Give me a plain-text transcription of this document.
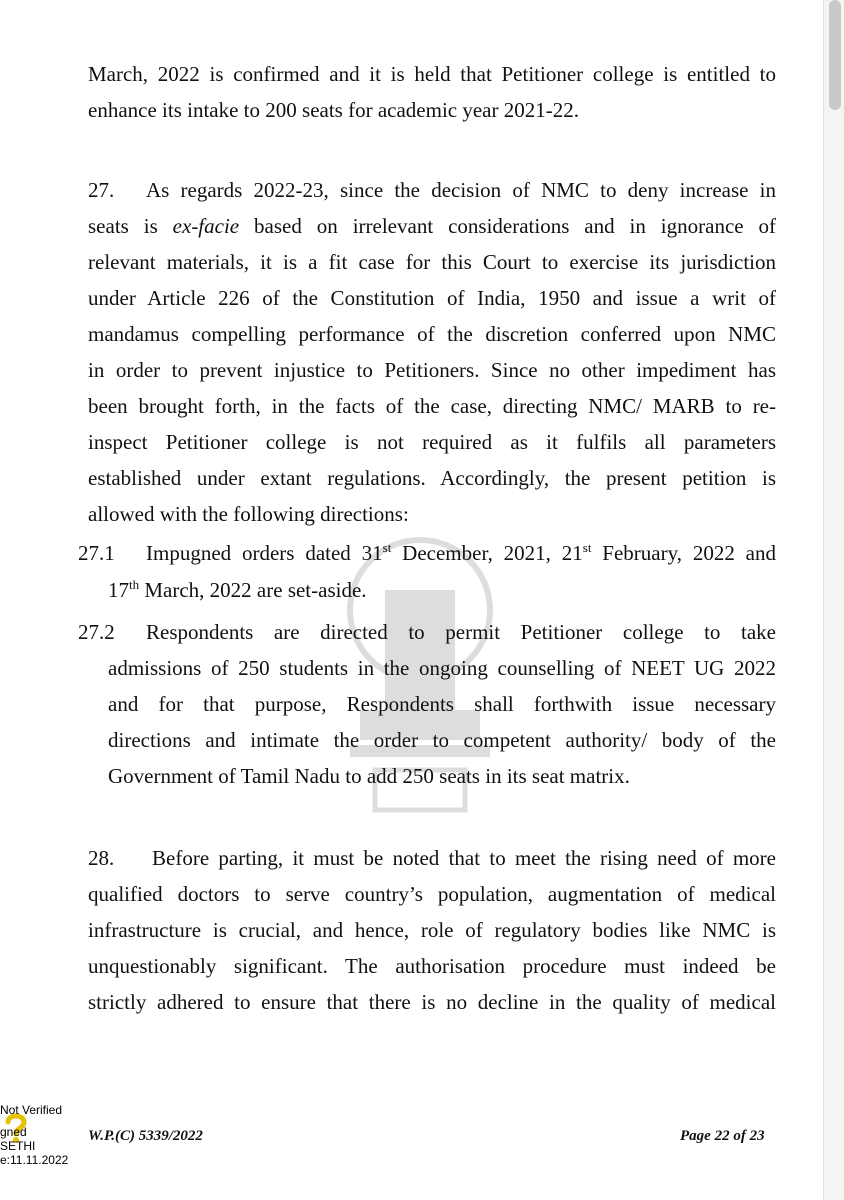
March, 2022 is confirmed and it is held that Petitioner college is entitled to
enhance its intake to 200 seats for academic year 2021-22.
27. As regards 2022-23, since the decision of NMC to deny increase in
seats is ex-facie based on irrelevant considerations and in ignorance of
relevant materials, it is a fit case for this Court to exercise its jurisdiction
under Article 226 of the Constitution of India, 1950 and issue a writ of
mandamus compelling performance of the discretion conferred upon NMC
in order to prevent injustice to Petitioners. Since no other impediment has
been brought forth, in the facts of the case, directing NMC/ MARB to re-
inspect Petitioner college is not required as it fulfils all parameters
established under extant regulations. Accordingly, the present petition is
allowed with the following directions:
27.1 Impugned orders dated 31st December, 2021, 21st February, 2022 and
17th March, 2022 are set-aside.
27.2 Respondents are directed to permit Petitioner college to take
admissions of 250 students in the ongoing counselling of NEET UG 2022
and for that purpose, Respondents shall forthwith issue necessary
directions and intimate the order to competent authority/ body of the
Government of Tamil Nadu to add 250 seats in its seat matrix.
28. Before parting, it must be noted that to meet the rising need of more
qualified doctors to serve country’s population, augmentation of medical
infrastructure is crucial, and hence, role of regulatory bodies like NMC is
unquestionably significant. The authorisation procedure must indeed be
strictly adhered to ensure that there is no decline in the quality of medical
W.P.(C) 5339/2022	Page 22 of 23
Not Verified
gned
SETHI
e:11.11.2022
